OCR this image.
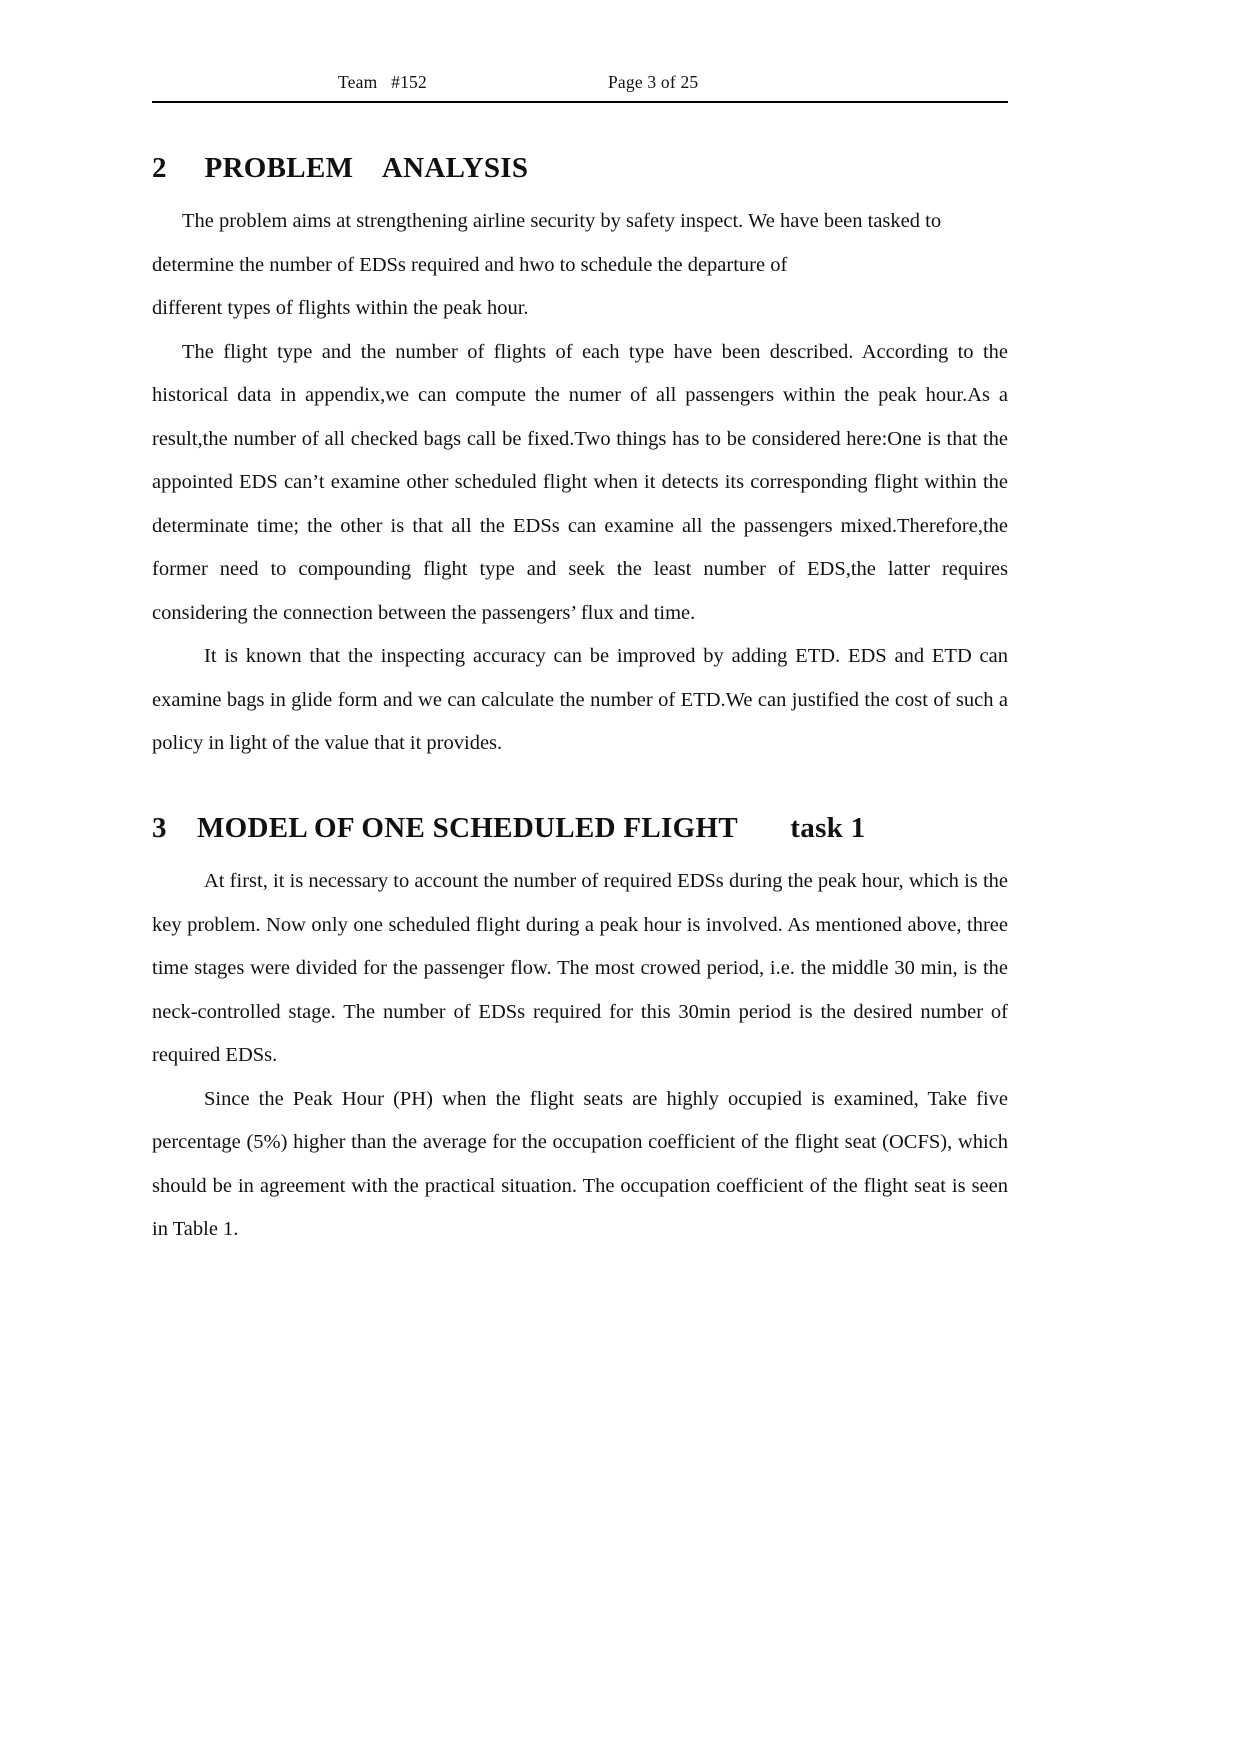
Team   #152	Page 3 of 25
2     PROBLEM    ANALYSIS

The problem aims at strengthening airline security by safety inspect. We have been tasked to determine the number of EDSs required and hwo to schedule the departure of

different types of flights within the peak hour.

The flight type and the number of flights of each type have been described. According to the historical data in appendix,we can compute the numer of all passengers within the peak hour.As a result,the number of all checked bags call be fixed.Two things has to be considered here:One is that the appointed EDS can’t examine other scheduled flight when it detects its corresponding flight within the determinate time; the other is that all the EDSs can examine all the passengers mixed.Therefore,the former need to compounding flight type and seek the least number of EDS,the latter requires considering the connection between the passengers’ flux and time.

It is known that the inspecting accuracy can be improved by adding ETD. EDS and ETD can examine bags in glide form and we can calculate the number of ETD.We can justified the cost of such a policy in light of the value that it provides.

3    MODEL OF ONE SCHEDULED FLIGHT       task 1

At first, it is necessary to account the number of required EDSs during the peak hour, which is the key problem. Now only one scheduled flight during a peak hour is involved. As mentioned above, three time stages were divided for the passenger flow. The most crowed period, i.e. the middle 30 min, is the neck-controlled stage. The number of EDSs required for this 30min period is the desired number of required EDSs.

Since the Peak Hour (PH) when the flight seats are highly occupied is examined, Take five percentage (5%) higher than the average for the occupation coefficient of the flight seat (OCFS), which should be in agreement with the practical situation. The occupation coefficient of the flight seat is seen in Table 1.
